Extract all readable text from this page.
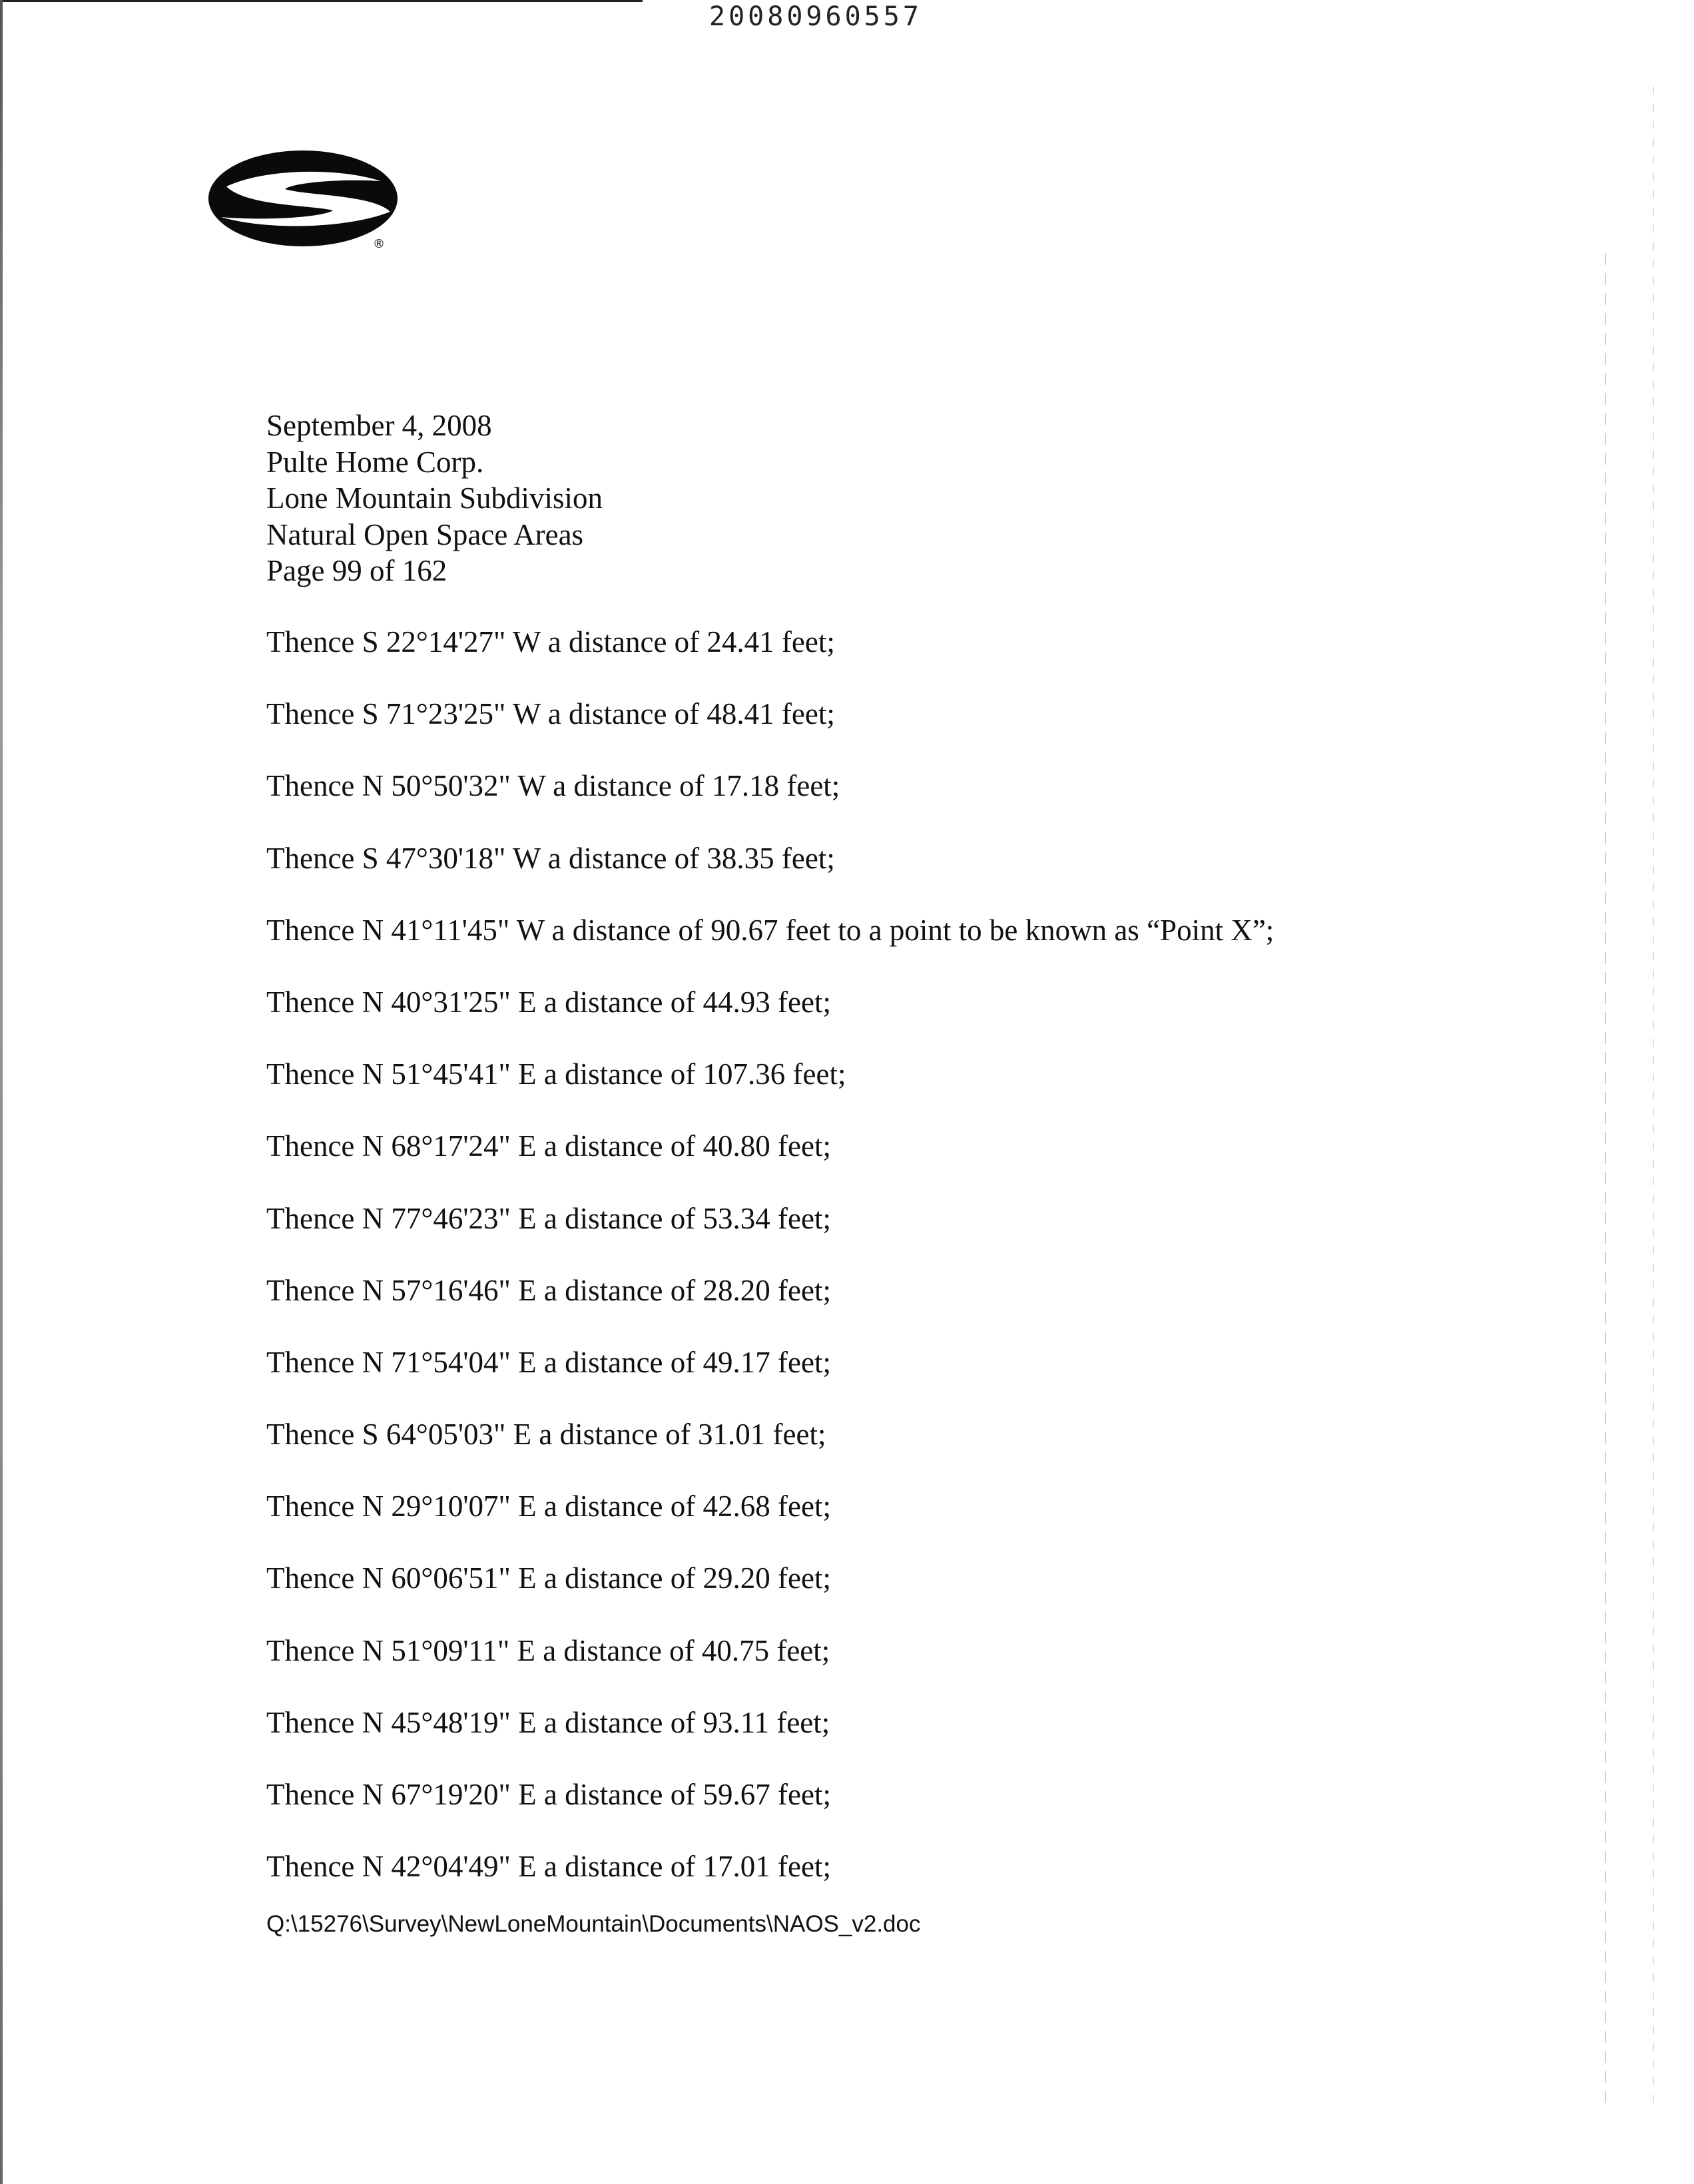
20080960557
®
September 4, 2008
Pulte Home Corp.
Lone Mountain Subdivision
Natural Open Space Areas
Page 99 of 162
Thence S 22°14'27" W a distance of 24.41 feet;
Thence S 71°23'25" W a distance of 48.41 feet;
Thence N 50°50'32" W a distance of 17.18 feet;
Thence S 47°30'18" W a distance of 38.35 feet;
Thence N 41°11'45" W a distance of 90.67 feet to a point to be known as “Point X”;
Thence N 40°31'25" E a distance of 44.93 feet;
Thence N 51°45'41" E a distance of 107.36 feet;
Thence N 68°17'24" E a distance of 40.80 feet;
Thence N 77°46'23" E a distance of 53.34 feet;
Thence N 57°16'46" E a distance of 28.20 feet;
Thence N 71°54'04" E a distance of 49.17 feet;
Thence S 64°05'03" E a distance of 31.01 feet;
Thence N 29°10'07" E a distance of 42.68 feet;
Thence N 60°06'51" E a distance of 29.20 feet;
Thence N 51°09'11" E a distance of 40.75 feet;
Thence N 45°48'19" E a distance of 93.11 feet;
Thence N 67°19'20" E a distance of 59.67 feet;
Thence N 42°04'49" E a distance of 17.01 feet;
Q:\15276\Survey\NewLoneMountain\Documents\NAOS_v2.doc
